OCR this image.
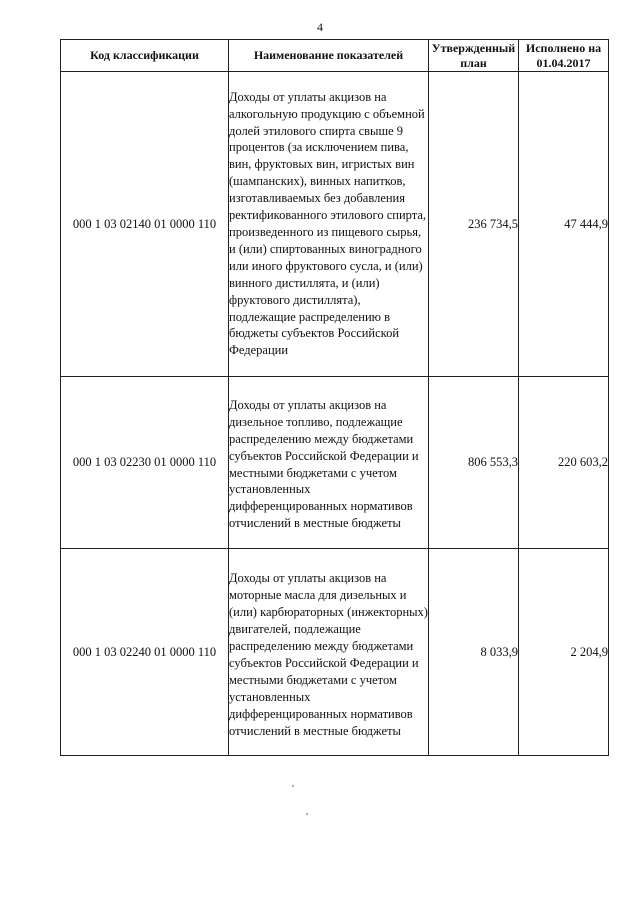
4
Код классификации	Наименование показателей	Утвержденный план	Исполнено на 01.04.2017
000 1 03 02140 01 0000 110	Доходы от уплаты акцизов на алкогольную продукцию с объемной долей этилового спирта свыше 9 процентов (за исключением пива, вин, фруктовых вин, игристых вин (шампанских), винных напитков, изготавливаемых без добавления ректификованного этилового спирта, произведенного из пищевого сырья, и (или) спиртованных виноградного или иного фруктового сусла, и (или) винного дистиллята, и (или) фруктового дистиллята), подлежащие распределению в бюджеты субъектов Российской Федерации	236 734,5	47 444,9
000 1 03 02230 01 0000 110	Доходы от уплаты акцизов на дизельное топливо, подлежащие распределению между бюджетами субъектов Российской Федерации и местными бюджетами с учетом установленных дифференцированных нормативов отчислений в местные бюджеты	806 553,3	220 603,2
000 1 03 02240 01 0000 110	Доходы от уплаты акцизов на моторные масла для дизельных и (или) карбюраторных (инжекторных) двигателей, подлежащие распределению между бюджетами субъектов Российской Федерации и местными бюджетами с учетом установленных дифференцированных нормативов отчислений в местные бюджеты	8 033,9	2 204,9
